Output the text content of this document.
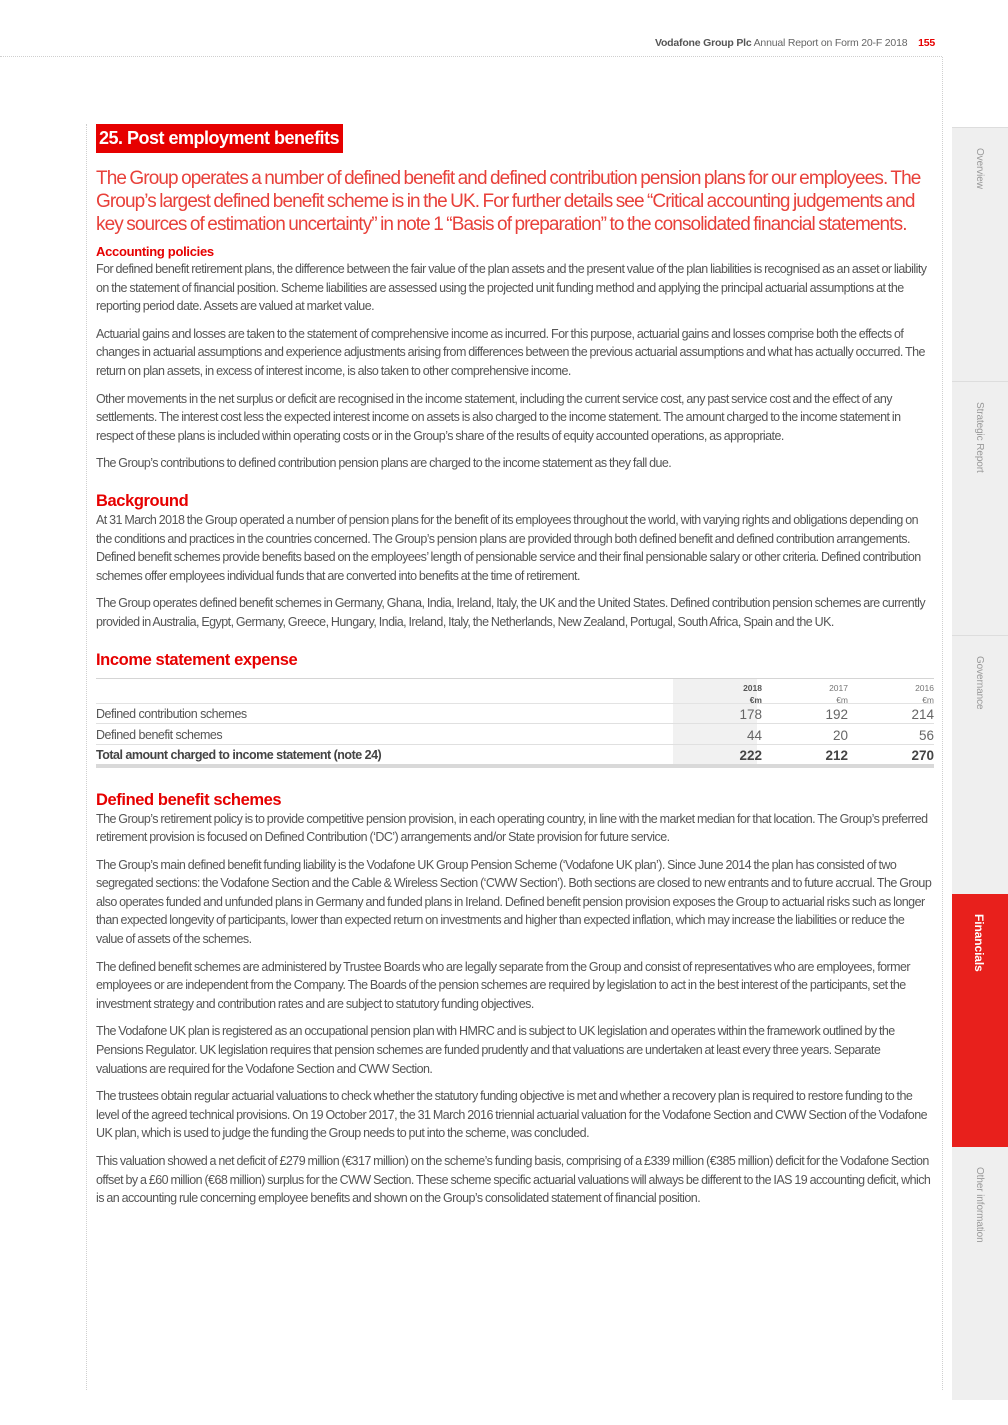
Vodafone Group Plc Annual Report on Form 20-F 2018 155
25. Post employment benefits
The Group operates a number of defined benefit and defined contribution pension plans for our employees. The Group’s largest defined benefit scheme is in the UK. For further details see “Critical accounting judgements and key sources of estimation uncertainty” in note 1 “Basis of preparation” to the consolidated financial statements.
Accounting policies

For defined benefit retirement plans, the difference between the fair value of the plan assets and the present value of the plan liabilities is recognised as an asset or liability on the statement of financial position. Scheme liabilities are assessed using the projected unit funding method and applying the principal actuarial assumptions at the reporting period date. Assets are valued at market value.

Actuarial gains and losses are taken to the statement of comprehensive income as incurred. For this purpose, actuarial gains and losses comprise both the effects of changes in actuarial assumptions and experience adjustments arising from differences between the previous actuarial assumptions and what has actually occurred. The return on plan assets, in excess of interest income, is also taken to other comprehensive income.

Other movements in the net surplus or deficit are recognised in the income statement, including the current service cost, any past service cost and the effect of any settlements. The interest cost less the expected interest income on assets is also charged to the income statement. The amount charged to the income statement in respect of these plans is included within operating costs or in the Group’s share of the results of equity accounted operations, as appropriate.

The Group’s contributions to defined contribution pension plans are charged to the income statement as they fall due.

Background

At 31 March 2018 the Group operated a number of pension plans for the benefit of its employees throughout the world, with varying rights and obligations depending on the conditions and practices in the countries concerned. The Group’s pension plans are provided through both defined benefit and defined contribution arrangements. Defined benefit schemes provide benefits based on the employees’ length of pensionable service and their final pensionable salary or other criteria. Defined contribution schemes offer employees individual funds that are converted into benefits at the time of retirement.

The Group operates defined benefit schemes in Germany, Ghana, India, Ireland, Italy, the UK and the United States. Defined contribution pension schemes are currently provided in Australia, Egypt, Germany, Greece, Hungary, India, Ireland, Italy, the Netherlands, New Zealand, Portugal, South Africa, Spain and the UK.

Income statement expense
2018
€m
2017
€m
2016
€m
Defined contribution schemes	178	192	214
Defined benefit schemes	44	20	56
Total amount charged to income statement (note 24)	222	212	270
Defined benefit schemes

The Group’s retirement policy is to provide competitive pension provision, in each operating country, in line with the market median for that location. The Group’s preferred retirement provision is focused on Defined Contribution (‘DC’) arrangements and/or State provision for future service.

The Group’s main defined benefit funding liability is the Vodafone UK Group Pension Scheme (‘Vodafone UK plan’). Since June 2014 the plan has consisted of two segregated sections: the Vodafone Section and the Cable & Wireless Section (‘CWW Section’). Both sections are closed to new entrants and to future accrual. The Group also operates funded and unfunded plans in Germany and funded plans in Ireland. Defined benefit pension provision exposes the Group to actuarial risks such as longer than expected longevity of participants, lower than expected return on investments and higher than expected inflation, which may increase the liabilities or reduce the value of assets of the schemes.

The defined benefit schemes are administered by Trustee Boards who are legally separate from the Group and consist of representatives who are employees, former employees or are independent from the Company. The Boards of the pension schemes are required by legislation to act in the best interest of the participants, set the investment strategy and contribution rates and are subject to statutory funding objectives.

The Vodafone UK plan is registered as an occupational pension plan with HMRC and is subject to UK legislation and operates within the framework outlined by the Pensions Regulator. UK legislation requires that pension schemes are funded prudently and that valuations are undertaken at least every three years. Separate valuations are required for the Vodafone Section and CWW Section.

The trustees obtain regular actuarial valuations to check whether the statutory funding objective is met and whether a recovery plan is required to restore funding to the level of the agreed technical provisions. On 19 October 2017, the 31 March 2016 triennial actuarial valuation for the Vodafone Section and CWW Section of the Vodafone UK plan, which is used to judge the funding the Group needs to put into the scheme, was concluded.

This valuation showed a net deficit of £279 million (€317 million) on the scheme’s funding basis, comprising of a £339 million (€385 million) deficit for the Vodafone Section offset by a £60 million (€68 million) surplus for the CWW Section. These scheme specific actuarial valuations will always be different to the IAS 19 accounting deficit, which is an accounting rule concerning employee benefits and shown on the Group’s consolidated statement of financial position.

Overview
Strategic Report
Governance
Financials
Other information
